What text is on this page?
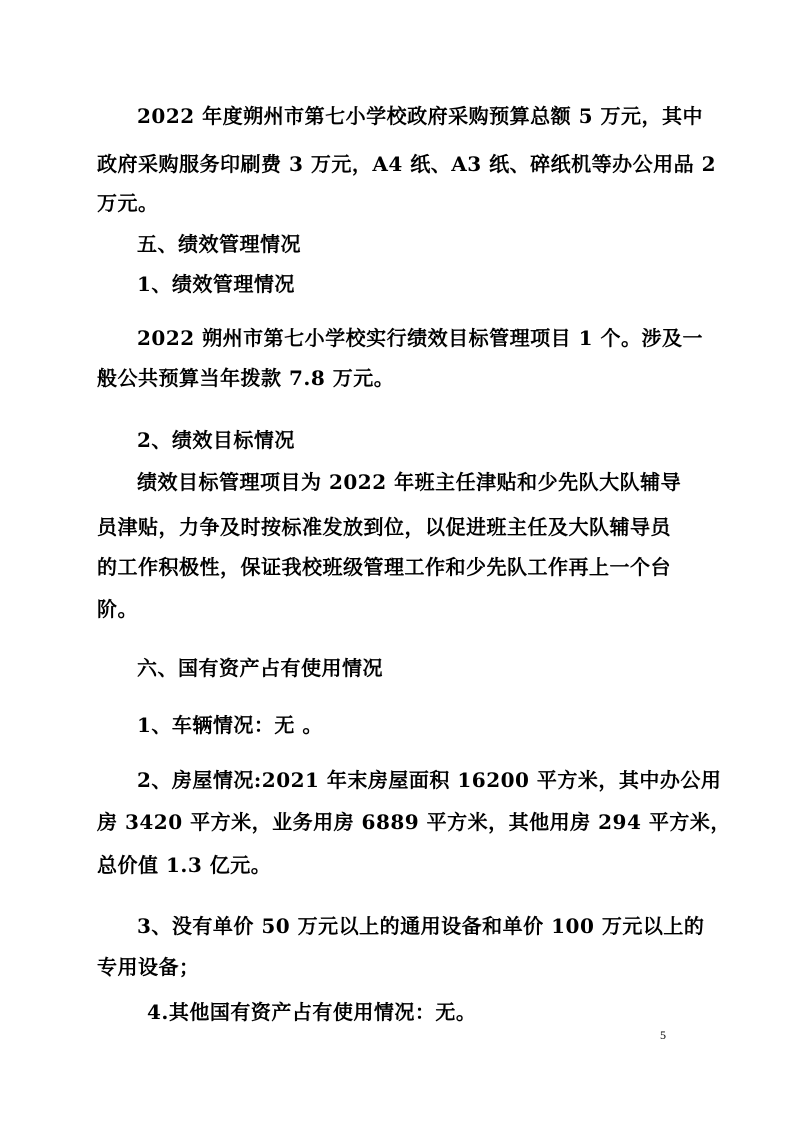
2022 年度朔州市第七小学校政府采购预算总额 5 万元，其中
政府采购服务印刷费 3 万元，A4 纸、A3 纸、碎纸机等办公用品 2
万元。
五、绩效管理情况
1、绩效管理情况
2022 朔州市第七小学校实行绩效目标管理项目 1 个。涉及一
般公共预算当年拨款 7.8 万元。
2、绩效目标情况
绩效目标管理项目为 2022 年班主任津贴和少先队大队辅导
员津贴，力争及时按标准发放到位，以促进班主任及大队辅导员
的工作积极性，保证我校班级管理工作和少先队工作再上一个台
阶。
六、国有资产占有使用情况
1、车辆情况：无 。
2、房屋情况:2021 年末房屋面积 16200 平方米，其中办公用
房 3420 平方米，业务用房 6889 平方米，其他用房 294 平方米，
总价值 1.3 亿元。
3、没有单价 50 万元以上的通用设备和单价 100 万元以上的
专用设备；
4.其他国有资产占有使用情况：无。
5
